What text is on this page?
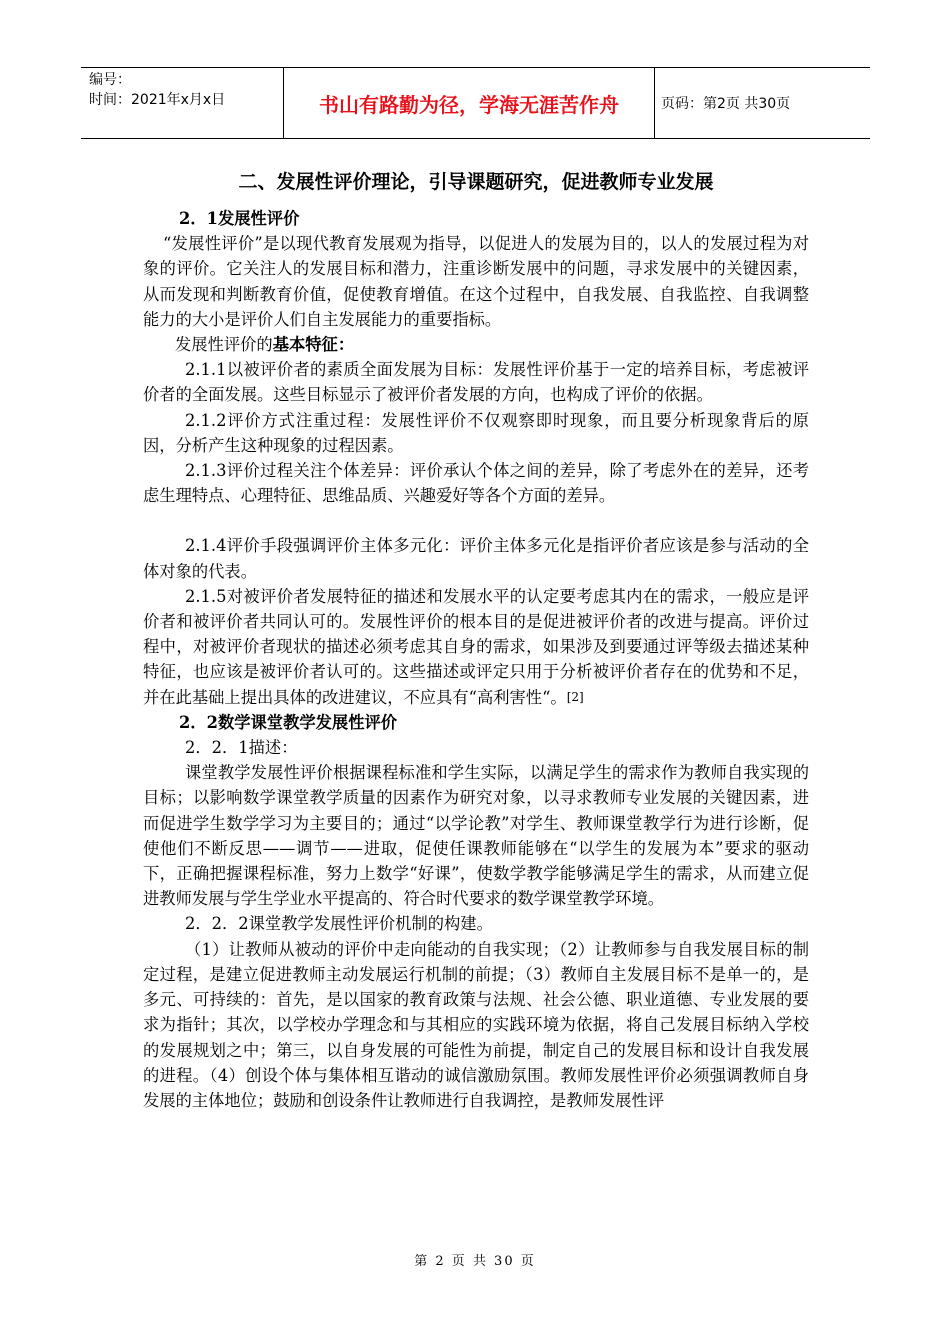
编号：
时间：2021年x月x日	书山有路勤为径，学海无涯苦作舟	页码：第2页 共30页
二、发展性评价理论，引导课题研究，促进教师专业发展

2．1发展性评价

“发展性评价”是以现代教育发展观为指导，以促进人的发展为目的，以人的发展过程为对象的评价。它关注人的发展目标和潜力，注重诊断发展中的问题，寻求发展中的关键因素，从而发现和判断教育价值，促使教育增值。在这个过程中，自我发展、自我监控、自我调整能力的大小是评价人们自主发展能力的重要指标。

发展性评价的基本特征：

2.1.1以被评价者的素质全面发展为目标：发展性评价基于一定的培养目标，考虑被评价者的全面发展。这些目标显示了被评价者发展的方向，也构成了评价的依据。

2.1.2评价方式注重过程：发展性评价不仅观察即时现象，而且要分析现象背后的原因，分析产生这种现象的过程因素。

2.1.3评价过程关注个体差异：评价承认个体之间的差异，除了考虑外在的差异，还考虑生理特点、心理特征、思维品质、兴趣爱好等各个方面的差异。

2.1.4评价手段强调评价主体多元化：评价主体多元化是指评价者应该是参与活动的全体对象的代表。

2.1.5对被评价者发展特征的描述和发展水平的认定要考虑其内在的需求，一般应是评价者和被评价者共同认可的。发展性评价的根本目的是促进被评价者的改进与提高。评价过程中，对被评价者现状的描述必须考虑其自身的需求，如果涉及到要通过评等级去描述某种特征，也应该是被评价者认可的。这些描述或评定只用于分析被评价者存在的优势和不足，并在此基础上提出具体的改进建议，不应具有“高利害性“。[2]

2．2数学课堂教学发展性评价

2．2．1描述：

课堂教学发展性评价根据课程标准和学生实际，以满足学生的需求作为教师自我实现的目标；以影响数学课堂教学质量的因素作为研究对象，以寻求教师专业发展的关键因素，进而促进学生数学学习为主要目的；通过“以学论教”对学生、教师课堂教学行为进行诊断，促使他们不断反思——调节——进取，促使任课教师能够在“以学生的发展为本”要求的驱动下，正确把握课程标准，努力上数学“好课”，使数学教学能够满足学生的需求，从而建立促进教师发展与学生学业水平提高的、符合时代要求的数学课堂教学环境。

2．2．2课堂教学发展性评价机制的构建。

（1）让教师从被动的评价中走向能动的自我实现；（2）让教师参与自我发展目标的制定过程，是建立促进教师主动发展运行机制的前提；（3）教师自主发展目标不是单一的，是多元、可持续的：首先，是以国家的教育政策与法规、社会公德、职业道德、专业发展的要求为指针；其次，以学校办学理念和与其相应的实践环境为依据，将自己发展目标纳入学校的发展规划之中；第三，以自身发展的可能性为前提，制定自己的发展目标和设计自我发展的进程。（4）创设个体与集体相互谐动的诚信激励氛围。教师发展性评价必须强调教师自身发展的主体地位；鼓励和创设条件让教师进行自我调控，是教师发展性评

第 2 页 共 30 页
